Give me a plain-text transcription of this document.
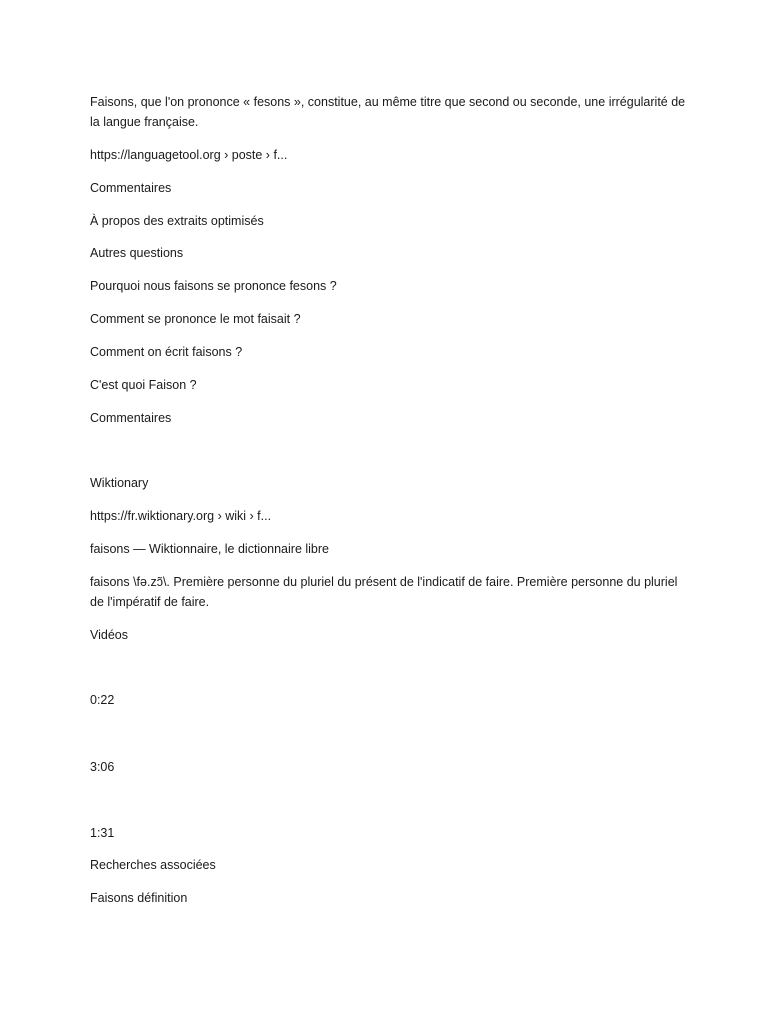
Faisons, que l'on prononce « fesons », constitue, au même titre que second ou seconde, une irrégularité de la langue française.

https://languagetool.org › poste › f...

Commentaires

À propos des extraits optimisés

Autres questions

Pourquoi nous faisons se prononce fesons ?

Comment se prononce le mot faisait ?

Comment on écrit faisons ?

C'est quoi Faison ?

Commentaires

Wiktionary

https://fr.wiktionary.org › wiki › f...

faisons — Wiktionnaire, le dictionnaire libre

faisons \fə.zɔ̃\. Première personne du pluriel du présent de l'indicatif de faire. Première personne du pluriel de l'impératif de faire.

Vidéos

0:22

3:06

1:31

Recherches associées

Faisons définition
